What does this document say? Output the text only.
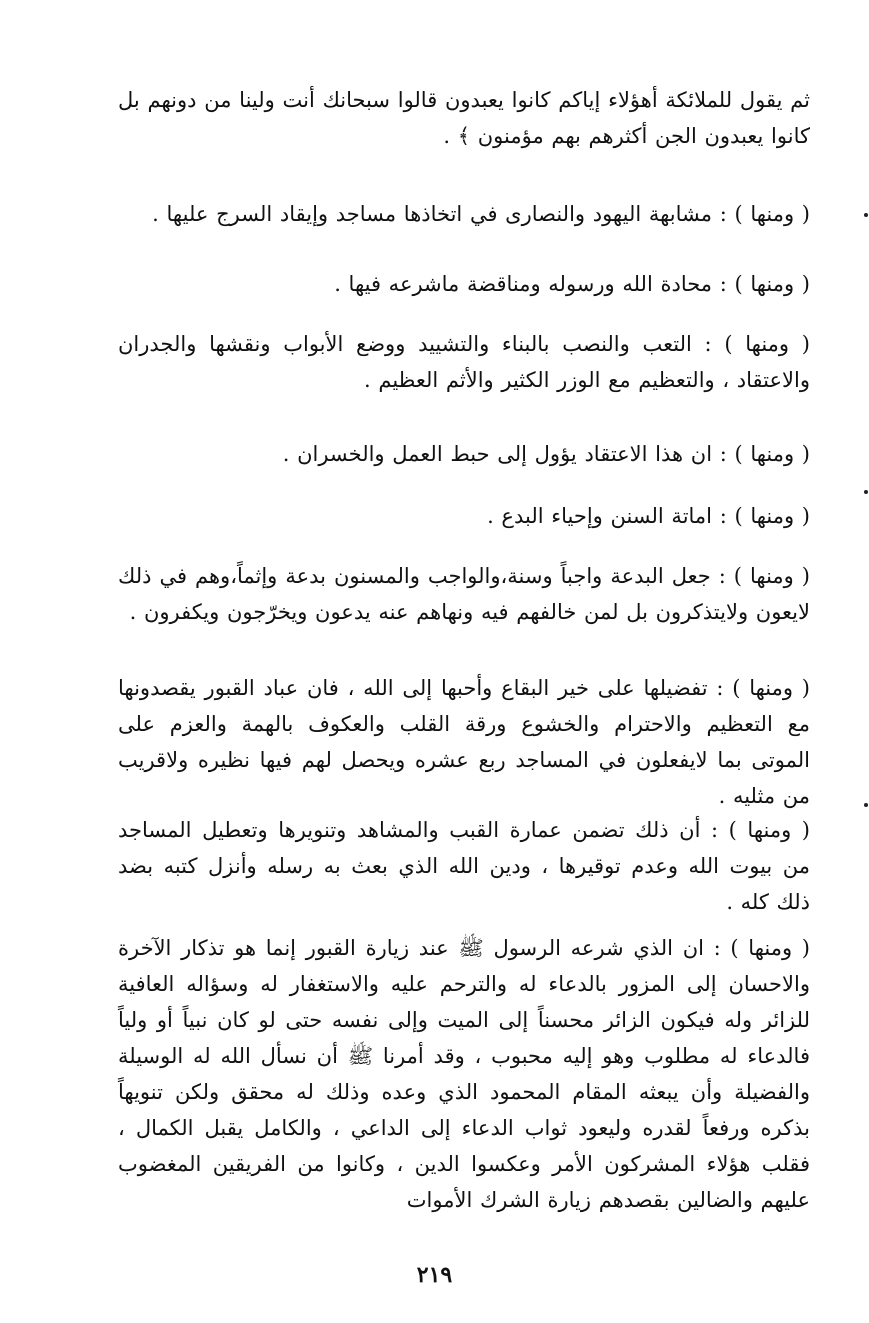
ثم يقول للملائكة أهؤلاء إياكم كانوا يعبدون قالوا سبحانك أنت ولينا من دونهم بل كانوا يعبدون الجن أكثرهم بهم مؤمنون ﴾ .

( ومنها ) : مشابهة اليهود والنصارى في اتخاذها مساجد وإيقاد السرج عليها .

( ومنها ) : محادة الله ورسوله ومناقضة ماشرعه فيها .

( ومنها ) : التعب والنصب بالبناء والتشييد ووضع الأبواب ونقشها والجدران والاعتقاد ، والتعظيم مع الوزر الكثير والأثم العظيم .

( ومنها ) : ان هذا الاعتقاد يؤول إلى حبط العمل والخسران .

( ومنها ) : اماتة السنن وإحياء البدع .

( ومنها ) : جعل البدعة واجباً وسنة،والواجب والمسنون بدعة وإثماً،وهم في ذلك لايعون ولايتذكرون بل لمن خالفهم فيه ونهاهم عنه يدعون ويخرّجون ويكفرون .

( ومنها ) : تفضيلها على خير البقاع وأحبها إلى الله ، فان عباد القبور يقصدونها مع التعظيم والاحترام والخشوع ورقة القلب والعكوف بالهمة والعزم على الموتى بما لايفعلون في المساجد ربع عشره ويحصل لهم فيها نظيره ولاقريب من مثليه .

( ومنها ) : أن ذلك تضمن عمارة القبب والمشاهد وتنويرها وتعطيل المساجد من بيوت الله وعدم توقيرها ، ودين الله الذي بعث به رسله وأنزل كتبه بضد ذلك كله .

( ومنها ) : ان الذي شرعه الرسول ﷺ عند زيارة القبور إنما هو تذكار الآخرة والاحسان إلى المزور بالدعاء له والترحم عليه والاستغفار له وسؤاله العافية للزائر وله فيكون الزائر محسناً إلى الميت وإلى نفسه حتى لو كان نبياً أو ولياً فالدعاء له مطلوب وهو إليه محبوب ، وقد أمرنا ﷺ أن نسأل الله له الوسيلة والفضيلة وأن يبعثه المقام المحمود الذي وعده وذلك له محقق ولكن تنويهاً بذكره ورفعاً لقدره وليعود ثواب الدعاء إلى الداعي ، والكامل يقبل الكمال ، فقلب هؤلاء المشركون الأمر وعكسوا الدين ، وكانوا من الفريقين المغضوب عليهم والضالين بقصدهم زيارة الشرك الأموات

٢١٩
